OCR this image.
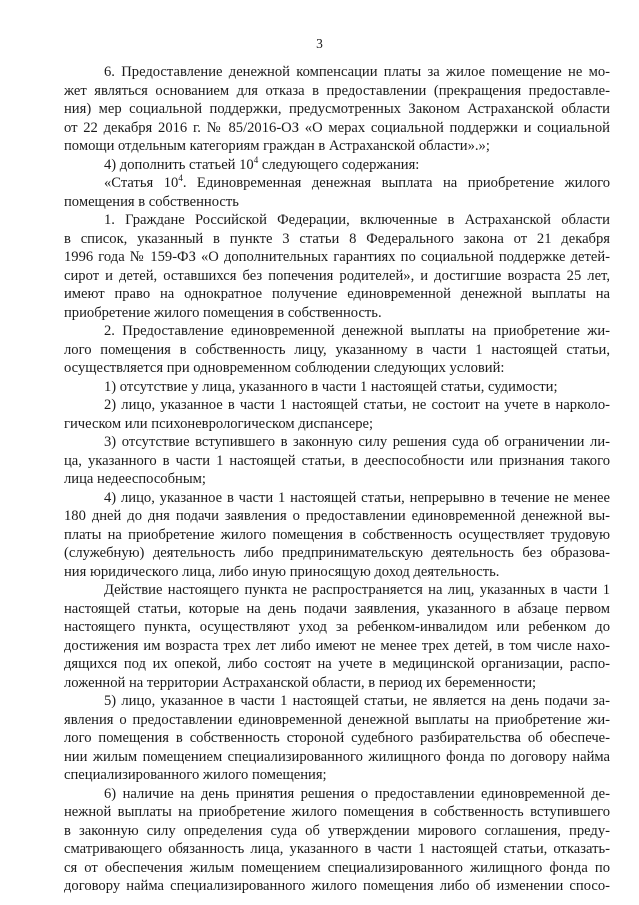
3
6. Предоставление денежной компенсации платы за жилое помещение не мо-
жет являться основанием для отказа в предоставлении (прекращения предоставле-
ния) мер социальной поддержки, предусмотренных Законом Астраханской области
от 22 декабря 2016 г. № 85/2016-ОЗ «О мерах социальной поддержки и социальной
помощи отдельным категориям граждан в Астраханской области».»;
4) дополнить статьей $10^4$ следующего содержания:
«Статья $10^4$. Единовременная денежная выплата на приобретение жилого
помещения в собственность
1. Граждане Российской Федерации, включенные в Астраханской области
в список, указанный в пункте 3 статьи 8 Федерального закона от 21 декабря
1996 года № 159-ФЗ «О дополнительных гарантиях по социальной поддержке детей-
сирот и детей, оставшихся без попечения родителей», и достигшие возраста 25 лет,
имеют право на однократное получение единовременной денежной выплаты на
приобретение жилого помещения в собственность.
2. Предоставление единовременной денежной выплаты на приобретение жи-
лого помещения в собственность лицу, указанному в части 1 настоящей статьи,
осуществляется при одновременном соблюдении следующих условий:
1) отсутствие у лица, указанного в части 1 настоящей статьи, судимости;
2) лицо, указанное в части 1 настоящей статьи, не состоит на учете в нарколо-
гическом или психоневрологическом диспансере;
3) отсутствие вступившего в законную силу решения суда об ограничении ли-
ца, указанного в части 1 настоящей статьи, в дееспособности или признания такого
лица недееспособным;
4) лицо, указанное в части 1 настоящей статьи, непрерывно в течение не менее
180 дней до дня подачи заявления о предоставлении единовременной денежной вы-
платы на приобретение жилого помещения в собственность осуществляет трудовую
(служебную) деятельность либо предпринимательскую деятельность без образова-
ния юридического лица, либо иную приносящую доход деятельность.
Действие настоящего пункта не распространяется на лиц, указанных в части 1
настоящей статьи, которые на день подачи заявления, указанного в абзаце первом
настоящего пункта, осуществляют уход за ребенком-инвалидом или ребенком до
достижения им возраста трех лет либо имеют не менее трех детей, в том числе нахо-
дящихся под их опекой, либо состоят на учете в медицинской организации, распо-
ложенной на территории Астраханской области, в период их беременности;
5) лицо, указанное в части 1 настоящей статьи, не является на день подачи за-
явления о предоставлении единовременной денежной выплаты на приобретение жи-
лого помещения в собственность стороной судебного разбирательства об обеспече-
нии жилым помещением специализированного жилищного фонда по договору найма
специализированного жилого помещения;
6) наличие на день принятия решения о предоставлении единовременной де-
нежной выплаты на приобретение жилого помещения в собственность вступившего
в законную силу определения суда об утверждении мирового соглашения, преду-
сматривающего обязанность лица, указанного в части 1 настоящей статьи, отказать-
ся от обеспечения жилым помещением специализированного жилищного фонда по
договору найма специализированного жилого помещения либо об изменении спосо-
